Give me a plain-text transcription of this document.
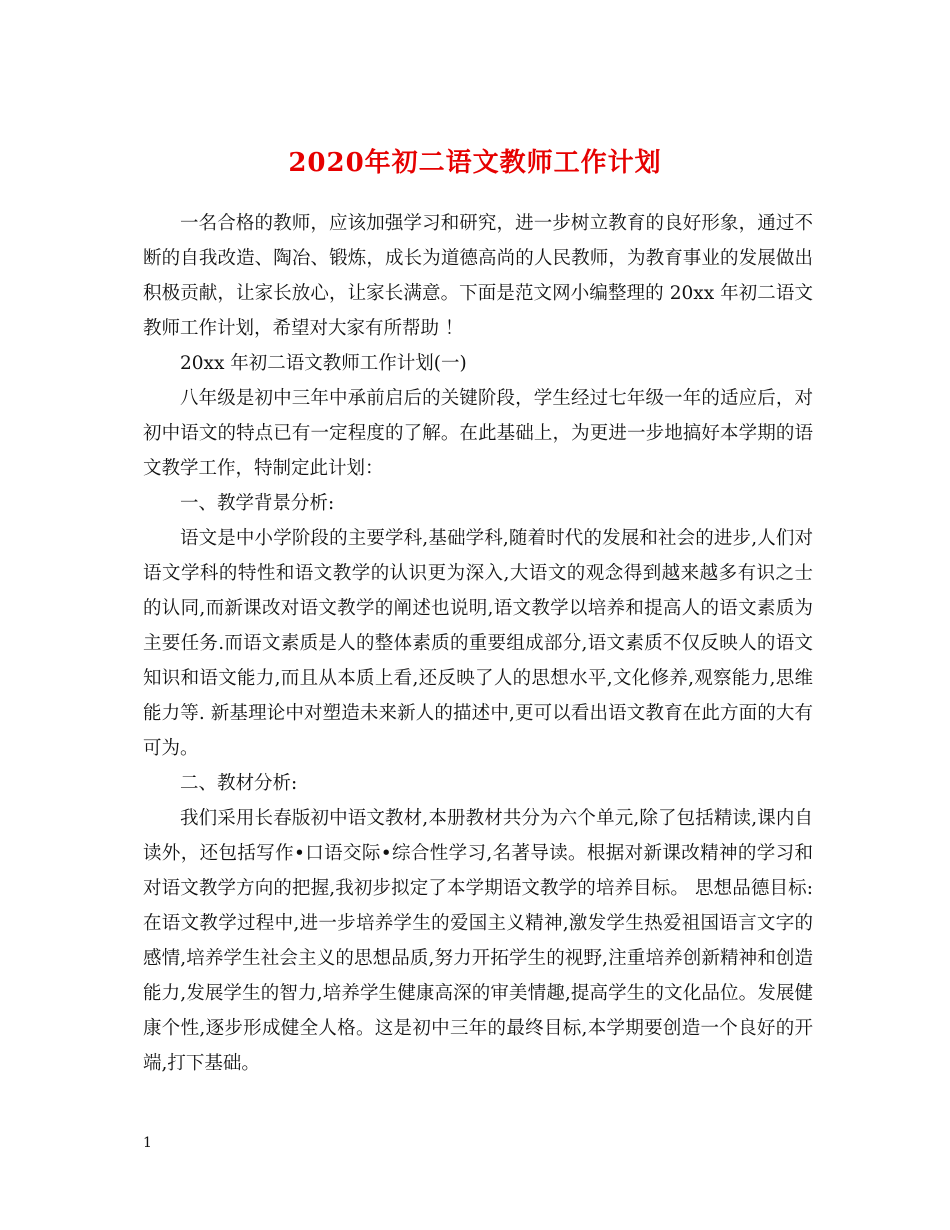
2020年初二语文教师工作计划

一名合格的教师，应该加强学习和研究，进一步树立教育的良好形象，通过不断的自我改造、陶冶、锻炼，成长为道德高尚的人民教师，为教育事业的发展做出积极贡献，让家长放心，让家长满意。下面是范文网小编整理的 20xx 年初二语文教师工作计划，希望对大家有所帮助 ！

20xx 年初二语文教师工作计划(一)

八年级是初中三年中承前启后的关键阶段，学生经过七年级一年的适应后，对初中语文的特点已有一定程度的了解。在此基础上，为更进一步地搞好本学期的语文教学工作，特制定此计划：

一、教学背景分析:

语文是中小学阶段的主要学科,基础学科,随着时代的发展和社会的进步,人们对语文学科的特性和语文教学的认识更为深入,大语文的观念得到越来越多有识之士的认同,而新课改对语文教学的阐述也说明,语文教学以培养和提高人的语文素质为主要任务.而语文素质是人的整体素质的重要组成部分,语文素质不仅反映人的语文知识和语文能力,而且从本质上看,还反映了人的思想水平,文化修养,观察能力,思维能力等. 新基理论中对塑造未来新人的描述中,更可以看出语文教育在此方面的大有可为。

二、教材分析:

我们采用长春版初中语文教材,本册教材共分为六个单元,除了包括精读,课内自读外，还包括写作•口语交际•综合性学习,名著导读。根据对新课改精神的学习和对语文教学方向的把握,我初步拟定了本学期语文教学的培养目标。 思想品德目标:在语文教学过程中,进一步培养学生的爱国主义精神,激发学生热爱祖国语言文字的感情,培养学生社会主义的思想品质,努力开拓学生的视野,注重培养创新精神和创造能力,发展学生的智力,培养学生健康高深的审美情趣,提高学生的文化品位。发展健康个性,逐步形成健全人格。这是初中三年的最终目标,本学期要创造一个良好的开端,打下基础。

1
